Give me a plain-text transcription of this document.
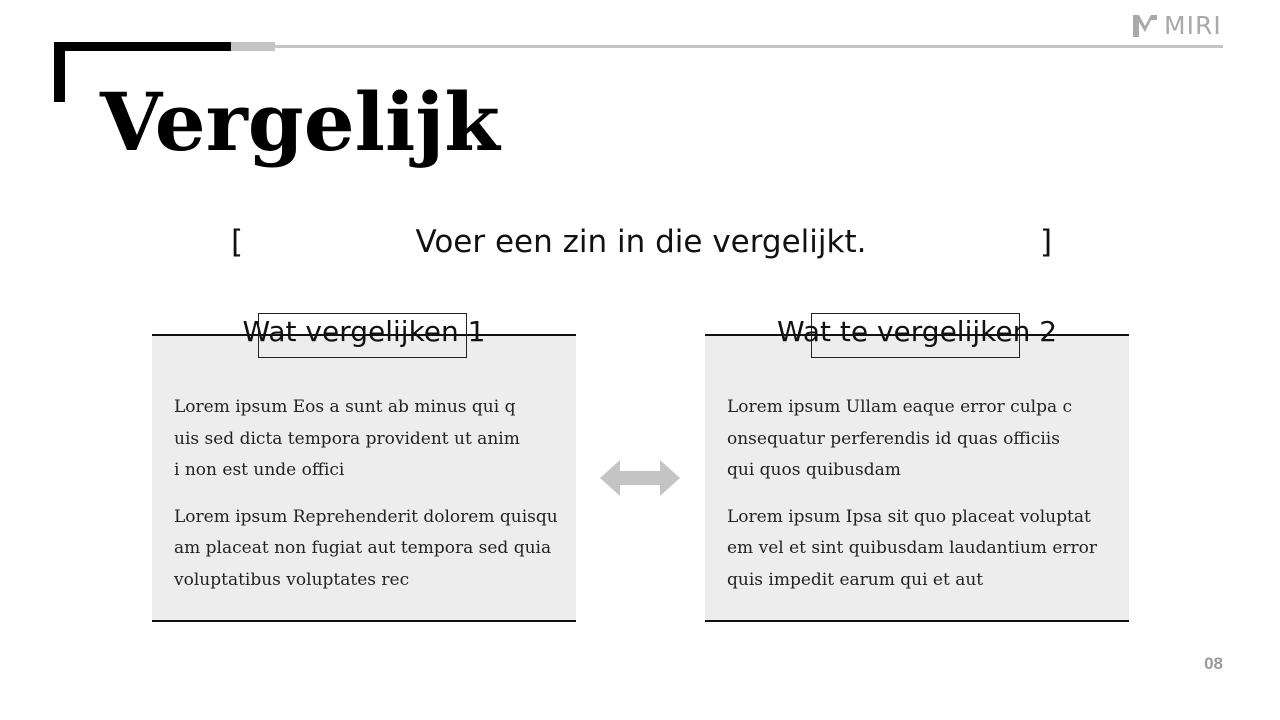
MIRI
Vergelijk
[	Voer een zin in die vergelijkt.	]
Wat vergelijken 1

Lorem ipsum Eos a sunt ab minus qui q
uis sed dicta tempora provident ut anim
i non est unde offici

Lorem ipsum Reprehenderit dolorem quisqu
am placeat non fugiat aut tempora sed quia
voluptatibus voluptates rec

Wat te vergelijken 2

Lorem ipsum Ullam eaque error culpa c
onsequatur perferendis id quas officiis
qui quos quibusdam

Lorem ipsum Ipsa sit quo placeat voluptat
em vel et sint quibusdam laudantium error
quis impedit earum qui et aut

08
